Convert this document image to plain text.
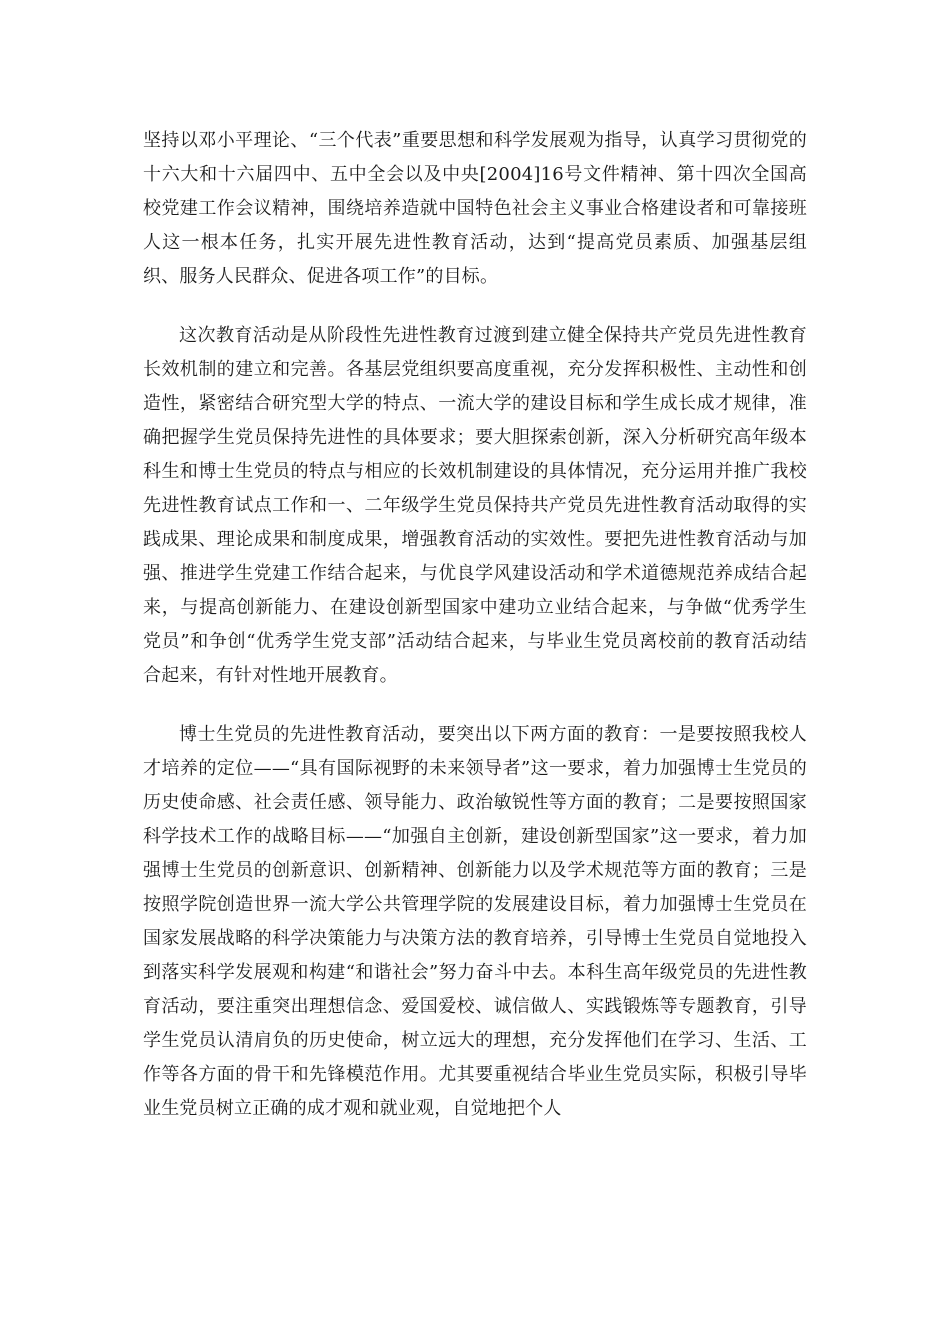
坚持以邓小平理论、“三个代表”重要思想和科学发展观为指导，认真学习贯彻党的十六大和十六届四中、五中全会以及中央[2004]16号文件精神、第十四次全国高校党建工作会议精神，围绕培养造就中国特色社会主义事业合格建设者和可靠接班人这一根本任务，扎实开展先进性教育活动，达到“提高党员素质、加强基层组织、服务人民群众、促进各项工作”的目标。

这次教育活动是从阶段性先进性教育过渡到建立健全保持共产党员先进性教育长效机制的建立和完善。各基层党组织要高度重视，充分发挥积极性、主动性和创造性，紧密结合研究型大学的特点、一流大学的建设目标和学生成长成才规律，准确把握学生党员保持先进性的具体要求；要大胆探索创新，深入分析研究高年级本科生和博士生党员的特点与相应的长效机制建设的具体情况，充分运用并推广我校先进性教育试点工作和一、二年级学生党员保持共产党员先进性教育活动取得的实践成果、理论成果和制度成果，增强教育活动的实效性。要把先进性教育活动与加强、推进学生党建工作结合起来，与优良学风建设活动和学术道德规范养成结合起来，与提高创新能力、在建设创新型国家中建功立业结合起来，与争做“优秀学生党员”和争创“优秀学生党支部”活动结合起来，与毕业生党员离校前的教育活动结合起来，有针对性地开展教育。

博士生党员的先进性教育活动，要突出以下两方面的教育：一是要按照我校人才培养的定位——“具有国际视野的未来领导者”这一要求，着力加强博士生党员的历史使命感、社会责任感、领导能力、政治敏锐性等方面的教育；二是要按照国家科学技术工作的战略目标——“加强自主创新，建设创新型国家”这一要求，着力加强博士生党员的创新意识、创新精神、创新能力以及学术规范等方面的教育；三是按照学院创造世界一流大学公共管理学院的发展建设目标，着力加强博士生党员在国家发展战略的科学决策能力与决策方法的教育培养，引导博士生党员自觉地投入到落实科学发展观和构建“和谐社会”努力奋斗中去。本科生高年级党员的先进性教育活动，要注重突出理想信念、爱国爱校、诚信做人、实践锻炼等专题教育，引导学生党员认清肩负的历史使命，树立远大的理想，充分发挥他们在学习、生活、工作等各方面的骨干和先锋模范作用。尤其要重视结合毕业生党员实际，积极引导毕业生党员树立正确的成才观和就业观，自觉地把个人
